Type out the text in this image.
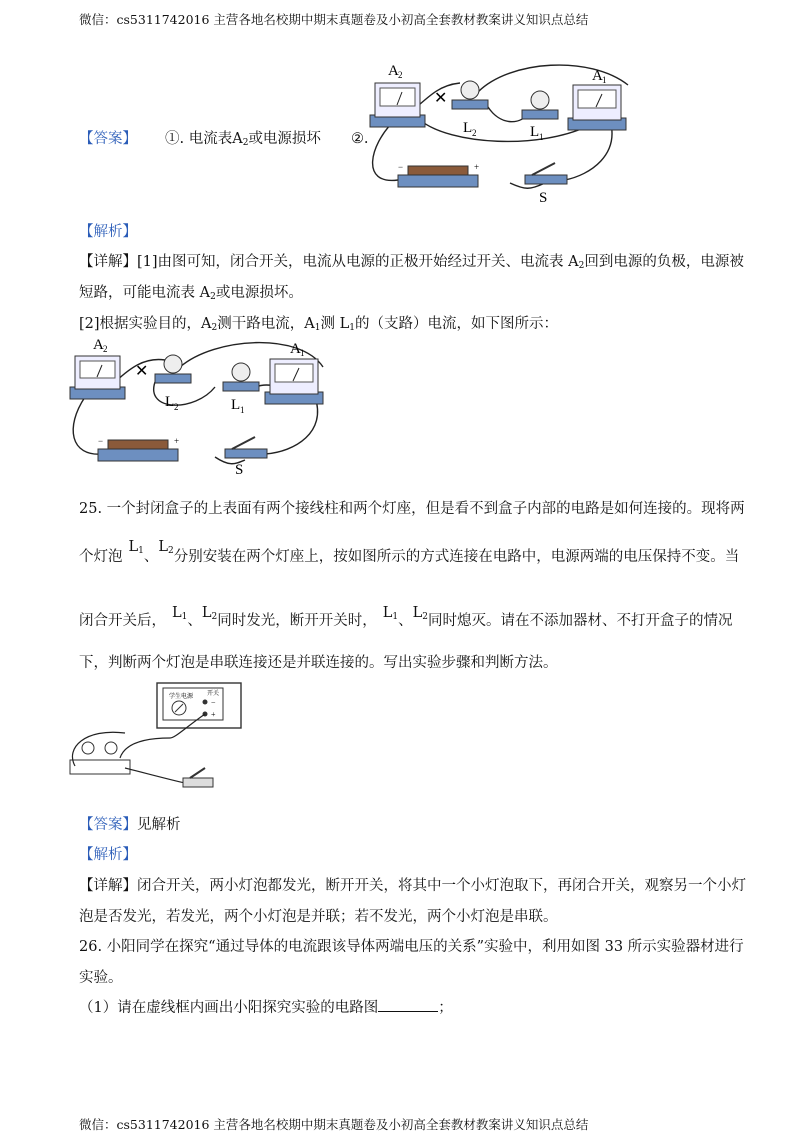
微信：cs5311742016 主营各地名校期中期末真题卷及小初高全套教材教案讲义知识点总结
【答案】 ①. 电流表$A_2$或电源损坏 ②.
A 2
✕
L 2	L 1
A 1
−	+
S
【解析】
【详解】[1]由图可知，闭合开关，电流从电源的正极开始经过开关、电流表 $A_2$回到电源的负极，电源被
短路，可能电流表 $A_2$或电源损坏。
[2]根据实验目的，$A_2$测干路电流，$A_1$测 $L_1$的（支路）电流，如下图所示：
A 2
✕
L 2	L 1
A 1
−	+
S
25. 一个封闭盒子的上表面有两个接线柱和两个灯座，但是看不到盒子内部的电路是如何连接的。现将两
个灯泡$L_1$、$L_2$分别安装在两个灯座上，按如图所示的方式连接在电路中，电源两端的电压保持不变。当
闭合开关后， $L_1$、$L_2$同时发光，断开开关时， $L_1$、$L_2$同时熄灭。请在不添加器材、不打开盒子的情况
下，判断两个灯泡是串联连接还是并联连接的。写出实验步骤和判断方法。
学生电源 开关
−
+
【答案】见解析
【解析】
【详解】闭合开关，两小灯泡都发光，断开开关，将其中一个小灯泡取下，再闭合开关，观察另一个小灯
泡是否发光，若发光，两个小灯泡是并联；若不发光，两个小灯泡是串联。
26. 小阳同学在探究“通过导体的电流跟该导体两端电压的关系”实验中，利用如图 33 所示实验器材进行
实验。
（1）请在虚线框内画出小阳探究实验的电路图	；
微信：cs5311742016 主营各地名校期中期末真题卷及小初高全套教材教案讲义知识点总结
